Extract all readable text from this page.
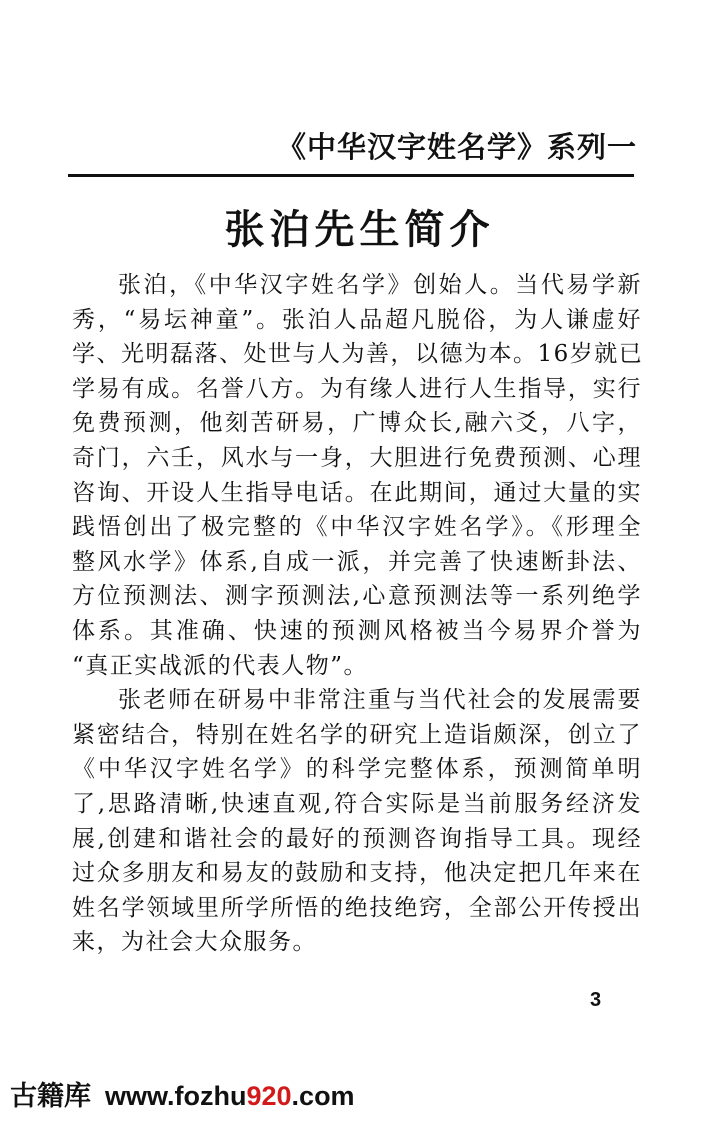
《中华汉字姓名学》系列一
张泊先生简介
张泊，《中华汉字姓名学》创始人。当代易学新
秀，“易坛神童”。张泊人品超凡脱俗，为人谦虚好
学、光明磊落、处世与人为善，以德为本。16岁就已
学易有成。名誉八方。为有缘人进行人生指导，实行
免费预测，他刻苦研易，广博众长,融六爻，八字，
奇门，六壬，风水与一身，大胆进行免费预测、心理
咨询、开设人生指导电话。在此期间，通过大量的实
践悟创出了极完整的《中华汉字姓名学》。《形理全
整风水学》体系,自成一派，并完善了快速断卦法、
方位预测法、测字预测法,心意预测法等一系列绝学
体系。其准确、快速的预测风格被当今易界介誉为
“真正实战派的代表人物”。
张老师在研易中非常注重与当代社会的发展需要
紧密结合，特别在姓名学的研究上造诣颇深，创立了
《中华汉字姓名学》的科学完整体系，预测简单明
了,思路清晰,快速直观,符合实际是当前服务经济发
展,创建和谐社会的最好的预测咨询指导工具。现经
过众多朋友和易友的鼓励和支持，他决定把几年来在
姓名学领域里所学所悟的绝技绝窍，全部公开传授出
来，为社会大众服务。
3
古籍库 www.fozhu920.com
